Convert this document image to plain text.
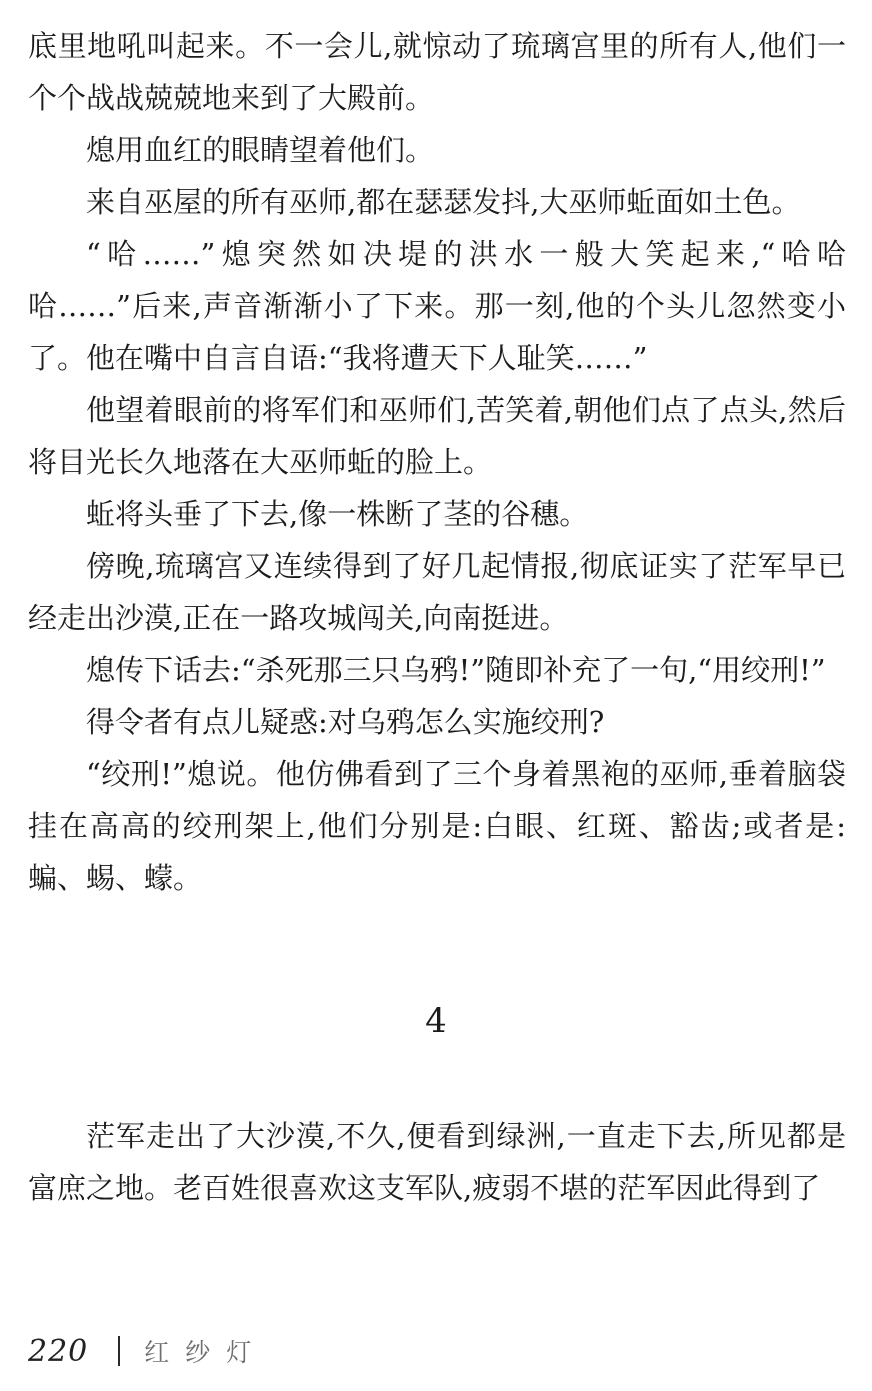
底里地吼叫起来。不一会儿,就惊动了琉璃宫里的所有人,他们一个个战战兢兢地来到了大殿前。

熄用血红的眼睛望着他们。

来自巫屋的所有巫师,都在瑟瑟发抖,大巫师蚯面如土色。

“哈……”熄突然如决堤的洪水一般大笑起来,“哈哈哈……”后来,声音渐渐小了下来。那一刻,他的个头儿忽然变小了。他在嘴中自言自语:“我将遭天下人耻笑……”

他望着眼前的将军们和巫师们,苦笑着,朝他们点了点头,然后将目光长久地落在大巫师蚯的脸上。

蚯将头垂了下去,像一株断了茎的谷穗。

傍晚,琉璃宫又连续得到了好几起情报,彻底证实了茫军早已经走出沙漠,正在一路攻城闯关,向南挺进。

熄传下话去:“杀死那三只乌鸦!”随即补充了一句,“用绞刑!”

得令者有点儿疑惑:对乌鸦怎么实施绞刑?

“绞刑!”熄说。他仿佛看到了三个身着黑袍的巫师,垂着脑袋挂在高高的绞刑架上,他们分别是:白眼、红斑、豁齿;或者是:蝙、蜴、蠓。

4

茫军走出了大沙漠,不久,便看到绿洲,一直走下去,所见都是富庶之地。老百姓很喜欢这支军队,疲弱不堪的茫军因此得到了

220 红纱灯
